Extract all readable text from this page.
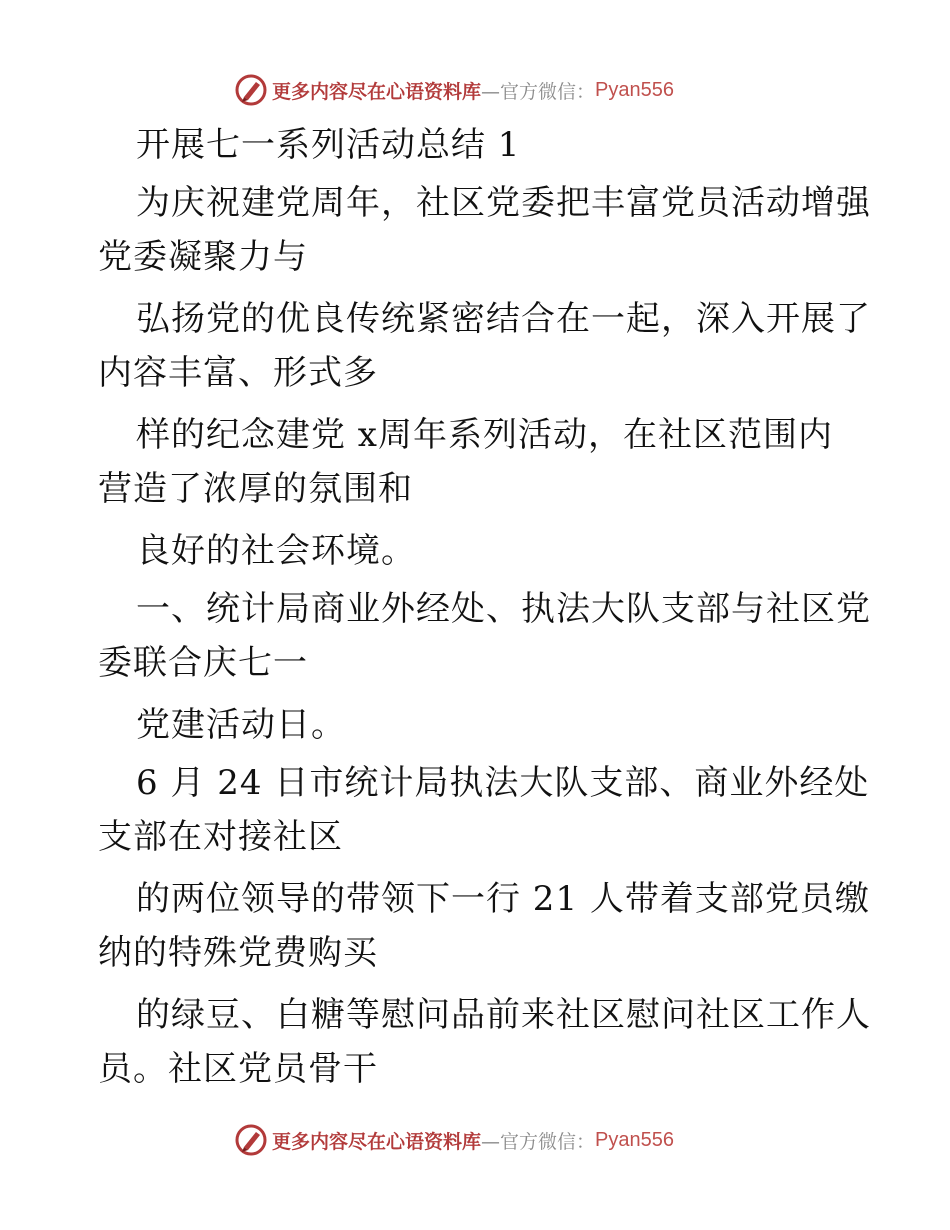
更多内容尽在心语资料库 —官方微信： Pyan556
开展七一系列活动总结 1
为庆祝建党周年，社区党委把丰富党员活动增强
党委凝聚力与
弘扬党的优良传统紧密结合在一起，深入开展了
内容丰富、形式多
样的纪念建党 x周年系列活动，在社区范围内
营造了浓厚的氛围和
良好的社会环境。
一、统计局商业外经处、执法大队支部与社区党
委联合庆七一
党建活动日。
6 月 24 日市统计局执法大队支部、商业外经处
支部在对接社区
的两位领导的带领下一行 21 人带着支部党员缴
纳的特殊党费购买
的绿豆、白糖等慰问品前来社区慰问社区工作人
员。社区党员骨干
更多内容尽在心语资料库 —官方微信： Pyan556
